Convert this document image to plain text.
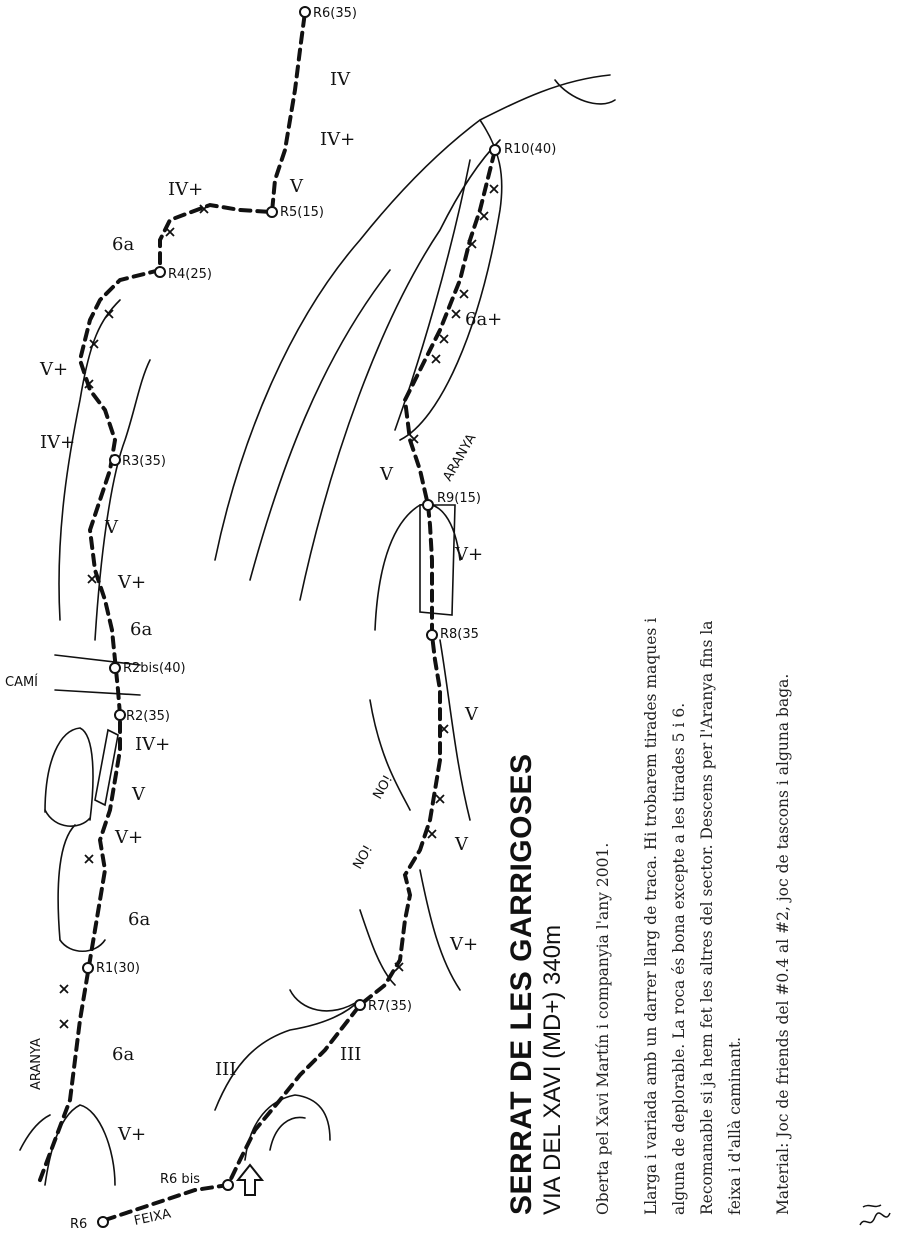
R6	FEIXA
R6 bis
R7(35)
R8(35
R9(15)
R10(40)
R1(30)
R2(35)
R2bis(40)
R3(35)
R4(25)
R5(15)
R6(35)
CAMÍ
ARANYA
ARANYA
NO!
NO!
V+
6a
6a
V+
V
IV+
6a
V+
V
IV+
V+
6a
IV+	V
IV+
IV
III
III
V+
V
V
V+
V
6a+

SERRAT DE LES GARRIGOSES VIA DEL XAVI (MD+) 340m	Oberta pel Xavi Martín i companyia l'any 2001.	Llarga i variada amb un darrer llarg de traca. Hi trobarem tirades maques i alguna de deplorable. La roca és bona excepte a les tirades 5 i 6. Recomanable si ja hem fet les altres del sector. Descens per l'Aranya fins la feixa i d'allà caminant.	Material: Joc de friends del #0.4 al #2, joc de tascons i alguna baga.
